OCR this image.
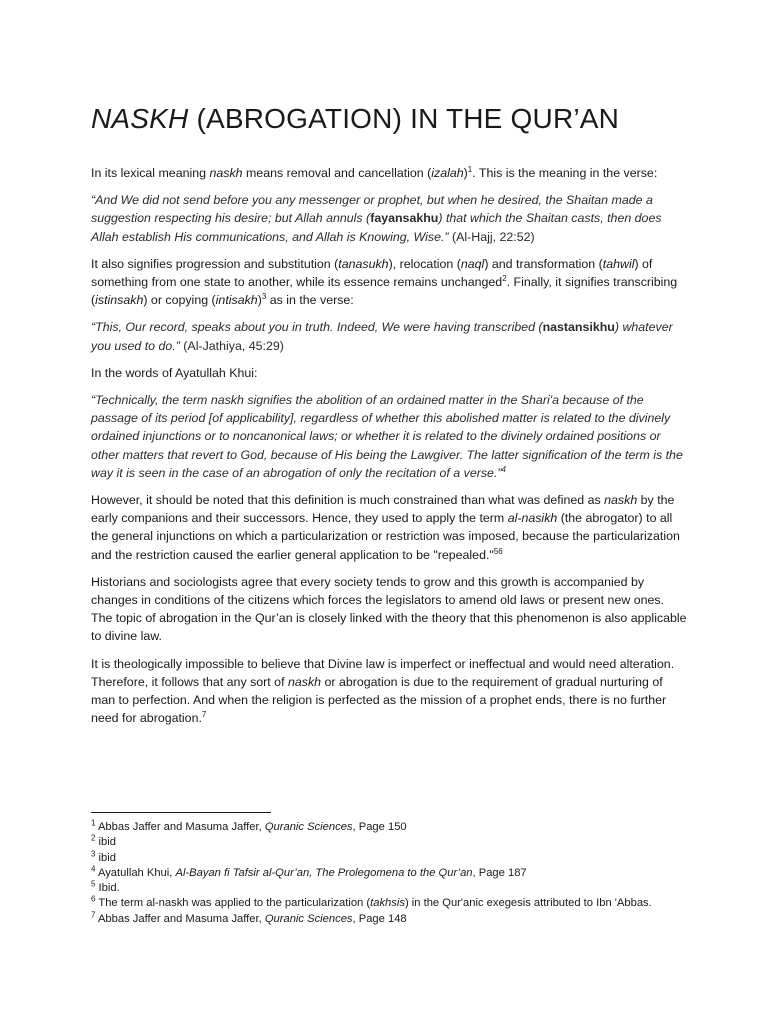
NASKH (ABROGATION) IN THE QUR’AN

In its lexical meaning naskh means removal and cancellation (izalah)$^1$. This is the meaning in the verse:

“And We did not send before you any messenger or prophet, but when he desired, the Shaitan made a suggestion respecting his desire; but Allah annuls (fayansakhu) that which the Shaitan casts, then does Allah establish His communications, and Allah is Knowing, Wise.” (Al-Hajj, 22:52)

It also signifies progression and substitution (tanasukh), relocation (naql) and transformation (tahwil) of something from one state to another, while its essence remains unchanged$^2$. Finally, it signifies transcribing (istinsakh) or copying (intisakh)$^3$ as in the verse:

“This, Our record, speaks about you in truth. Indeed, We were having transcribed (nastansikhu) whatever you used to do.” (Al-Jathiya, 45:29)

In the words of Ayatullah Khui:

“Technically, the term naskh signifies the abolition of an ordained matter in the Shari'a because of the passage of its period [of applicability], regardless of whether this abolished matter is related to the divinely ordained injunctions or to noncanonical laws; or whether it is related to the divinely ordained positions or other matters that revert to God, because of His being the Lawgiver. The latter signification of the term is the way it is seen in the case of an abrogation of only the recitation of a verse.”$^4$

However, it should be noted that this definition is much constrained than what was defined as naskh by the early companions and their successors. Hence, they used to apply the term al-nasikh (the abrogator) to all the general injunctions on which a particularization or restriction was imposed, because the particularization and the restriction caused the earlier general application to be "repealed."$^{56}$

Historians and sociologists agree that every society tends to grow and this growth is accompanied by changes in conditions of the citizens which forces the legislators to amend old laws or present new ones. The topic of abrogation in the Qur’an is closely linked with the theory that this phenomenon is also applicable to divine law.

It is theologically impossible to believe that Divine law is imperfect or ineffectual and would need alteration. Therefore, it follows that any sort of naskh or abrogation is due to the requirement of gradual nurturing of man to perfection. And when the religion is perfected as the mission of a prophet ends, there is no further need for abrogation.$^7$

$^1$ Abbas Jaffer and Masuma Jaffer, Quranic Sciences, Page 150
$^2$ ibid
$^3$ ibid
$^4$ Ayatullah Khui, Al-Bayan fi Tafsir al-Qur’an, The Prolegomena to the Qur’an, Page 187
$^5$ Ibid.
$^6$ The term al-naskh was applied to the particularization (takhsis) in the Qur'anic exegesis attributed to Ibn 'Abbas.
$^7$ Abbas Jaffer and Masuma Jaffer, Quranic Sciences, Page 148
